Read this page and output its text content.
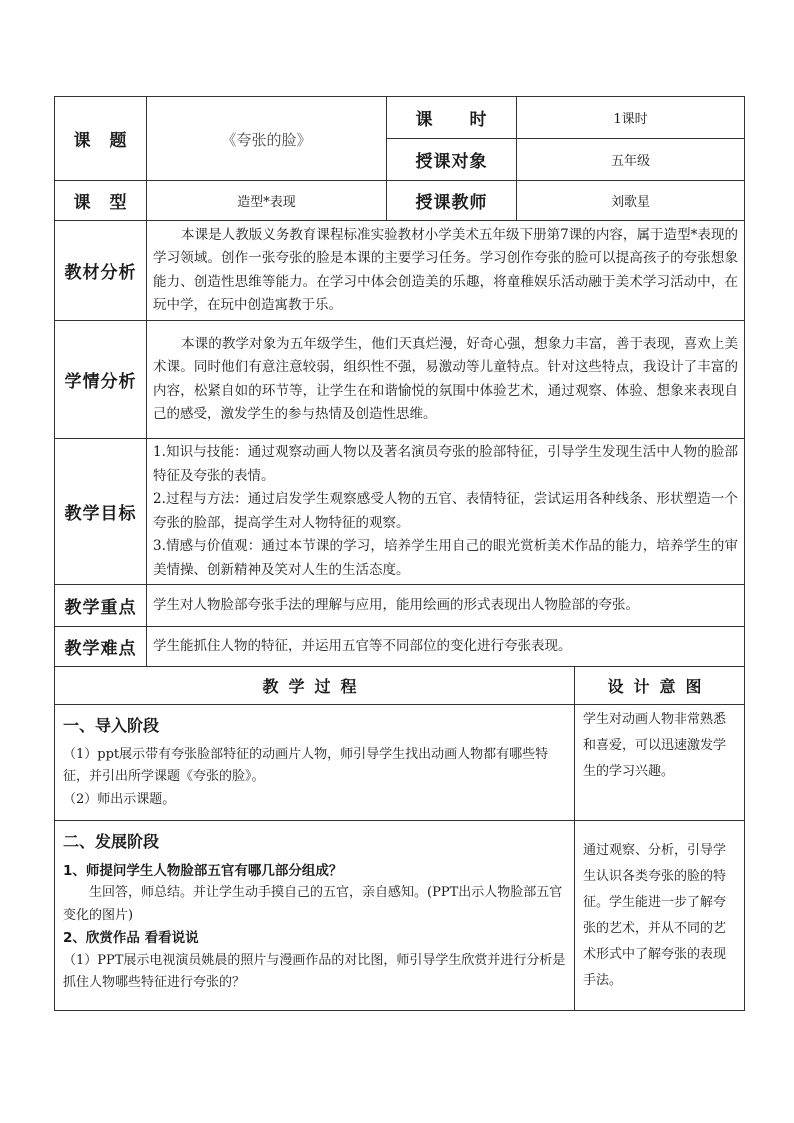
课　题	《夸张的脸》	课　　时	1课时
		授课对象	五年级
课　型	造型*表现	授课教师	刘歌星
教材分析	本课是人教版义务教育课程标准实验教材小学美术五年级下册第7课的内容，属于造型*表现的学习领域。创作一张夸张的脸是本课的主要学习任务。学习创作夸张的脸可以提高孩子的夸张想象能力、创造性思维等能力。在学习中体会创造美的乐趣，将童稚娱乐活动融于美术学习活动中，在玩中学，在玩中创造寓教于乐。		
学情分析	本课的教学对象为五年级学生，他们天真烂漫，好奇心强，想象力丰富，善于表现，喜欢上美术课。同时他们有意注意较弱，组织性不强，易激动等儿童特点。针对这些特点，我设计了丰富的内容，松紧自如的环节等，让学生在和谐愉悦的氛围中体验艺术，通过观察、体验、想象来表现自己的感受，激发学生的参与热情及创造性思维。		
教学目标	1.知识与技能：通过观察动画人物以及著名演员夸张的脸部特征，引导学生发现生活中人物的脸部特征及夸张的表情。
2.过程与方法：通过启发学生观察感受人物的五官、表情特征，尝试运用各种线条、形状塑造一个夸张的脸部，提高学生对人物特征的观察。
3.情感与价值观：通过本节课的学习，培养学生用自己的眼光赏析美术作品的能力，培养学生的审美情操、创新精神及笑对人生的生活态度。		

教学重点	学生对人物脸部夸张手法的理解与应用，能用绘画的形式表现出人物脸部的夸张。		
教学难点	学生能抓住人物的特征，并运用五官等不同部位的变化进行夸张表现。		
教学过程	设计意图

一、导入阶段
（1）ppt展示带有夸张脸部特征的动画片人物，师引导学生找出动画人物都有哪些特征，并引出所学课题《夸张的脸》。
（2）师出示课题。	学生对动画人物非常熟悉和喜爱，可以迅速激发学生的学习兴趣。

二、发展阶段
1、师提问学生人物脸部五官有哪几部分组成？
生回答，师总结。并让学生动手摸自己的五官，亲自感知。(PPT出示人物脸部五官变化的图片)
2、欣赏作品 看看说说
（1）PPT展示电视演员姚晨的照片与漫画作品的对比图，师引导学生欣赏并进行分析是抓住人物哪些特征进行夸张的？	通过观察、分析，引导学生认识各类夸张的脸的特征。学生能进一步了解夸张的艺术，并从不同的艺术形式中了解夸张的表现手法。
